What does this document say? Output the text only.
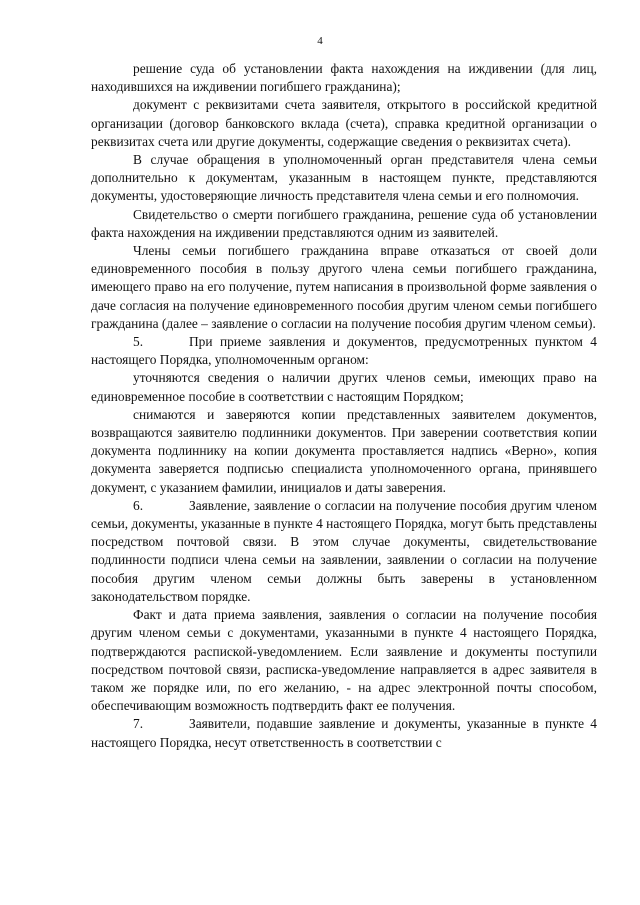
4

решение суда об установлении факта нахождения на иждивении (для лиц, находившихся на иждивении погибшего гражданина);

документ с реквизитами счета заявителя, открытого в российской кредитной организации (договор банковского вклада (счета), справка кредитной организации о реквизитах счета или другие документы, содержащие сведения о реквизитах счета).

В случае обращения в уполномоченный орган представителя члена семьи дополнительно к документам, указанным в настоящем пункте, представляются документы, удостоверяющие личность представителя члена семьи и его полномочия.

Свидетельство о смерти погибшего гражданина, решение суда об установлении факта нахождения на иждивении представляются одним из заявителей.

Члены семьи погибшего гражданина вправе отказаться от своей доли единовременного пособия в пользу другого члена семьи погибшего гражданина, имеющего право на его получение, путем написания в произвольной форме заявления о даче согласия на получение единовременного пособия другим членом семьи погибшего гражданина (далее – заявление о согласии на получение пособия другим членом семьи).

5.	При приеме заявления и документов, предусмотренных пунктом 4 настоящего Порядка, уполномоченным органом:

уточняются сведения о наличии других членов семьи, имеющих право на единовременное пособие в соответствии с настоящим Порядком;

снимаются и заверяются копии представленных заявителем документов, возвращаются заявителю подлинники документов. При заверении соответствия копии документа подлиннику на копии документа проставляется надпись «Верно», копия документа заверяется подписью специалиста уполномоченного органа, принявшего документ, с указанием фамилии, инициалов и даты заверения.

6.	Заявление, заявление о согласии на получение пособия другим членом семьи, документы, указанные в пункте 4 настоящего Порядка, могут быть представлены посредством почтовой связи. В этом случае документы, свидетельствование подлинности подписи члена семьи на заявлении, заявлении о согласии на получение пособия другим членом семьи должны быть заверены в установленном законодательством порядке.

Факт и дата приема заявления, заявления о согласии на получение пособия другим членом семьи с документами, указанными в пункте 4 настоящего Порядка, подтверждаются распиской-уведомлением. Если заявление и документы поступили посредством почтовой связи, расписка-уведомление направляется в адрес заявителя в таком же порядке или, по его желанию, - на адрес электронной почты способом, обеспечивающим возможность подтвердить факт ее получения.

7.	Заявители, подавшие заявление и документы, указанные в пункте 4 настоящего Порядка, несут ответственность в соответствии с
